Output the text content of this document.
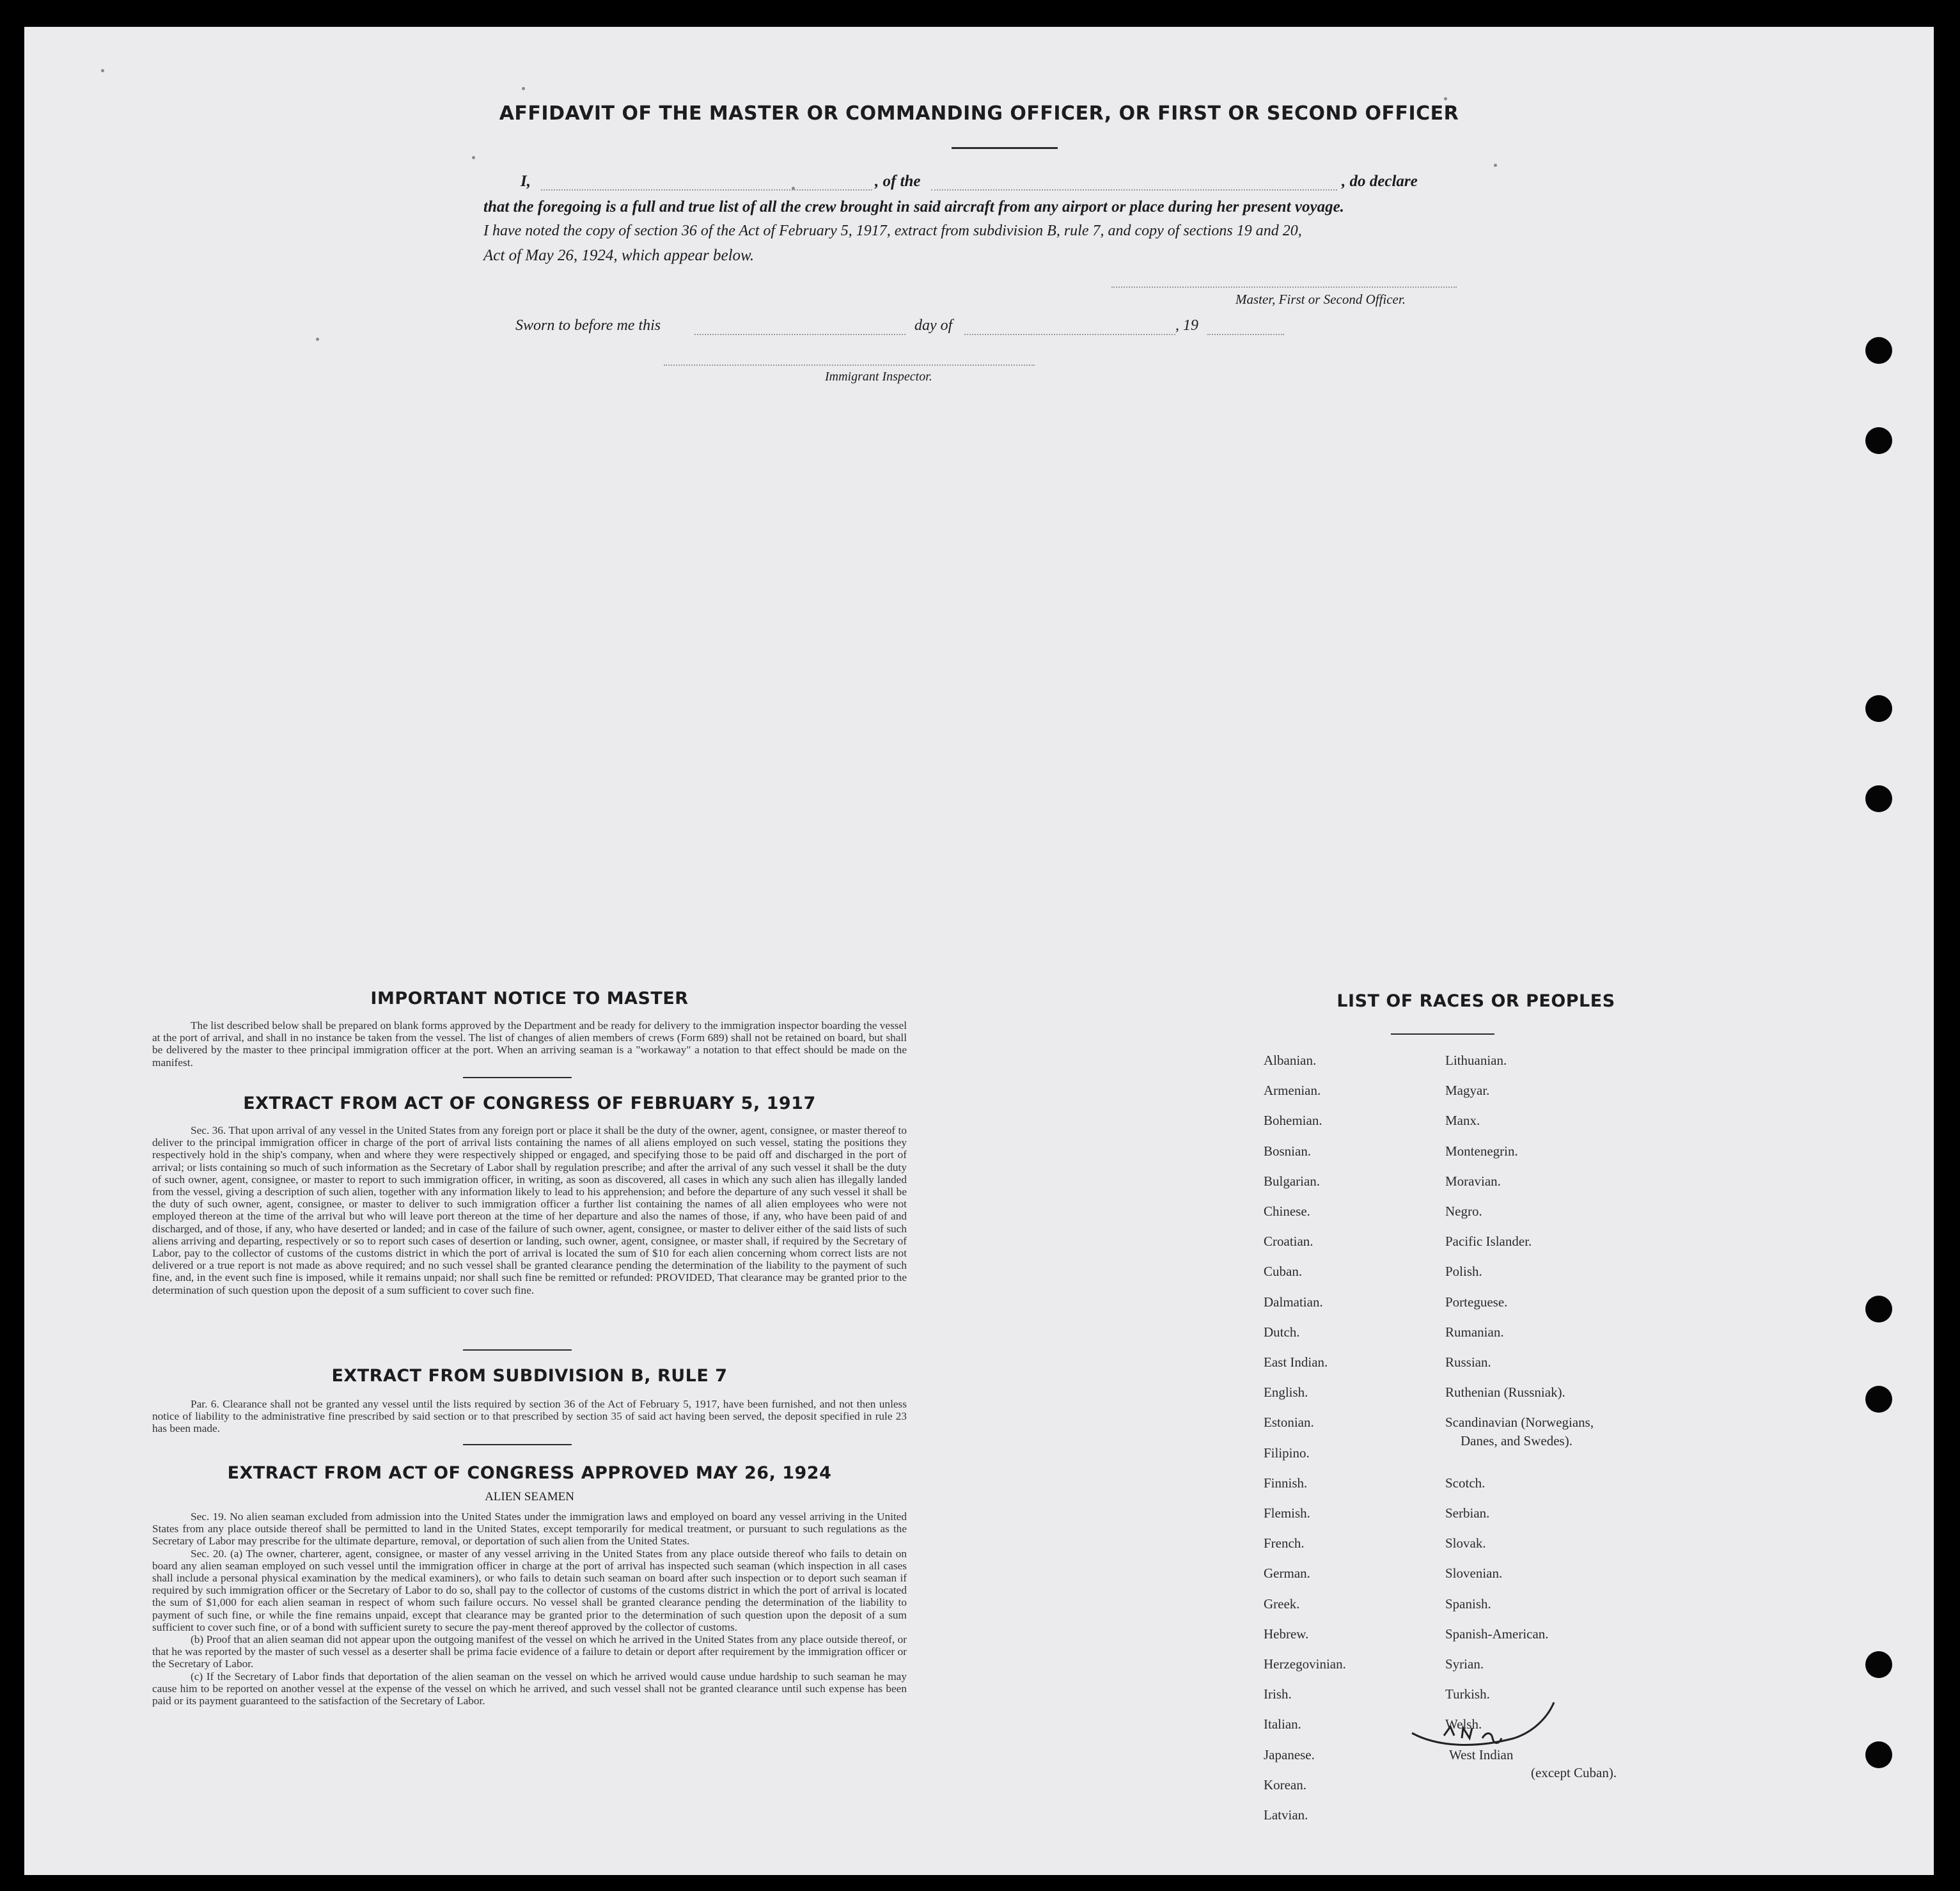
AFFIDAVIT OF THE MASTER OR COMMANDING OFFICER, OR FIRST OR SECOND OFFICER
I,	, of the	, do declare
that the foregoing is a full and true list of all the crew brought in said aircraft from any airport or place during her present voyage.
I have noted the copy of section 36 of the Act of February 5, 1917, extract from subdivision B, rule 7, and copy of sections 19 and 20,
Act of May 26, 1924, which appear below.
Master, First or Second Officer.
Sworn to before me this	day of	, 19
Immigrant Inspector.
IMPORTANT NOTICE TO MASTER

The list described below shall be prepared on blank forms approved by the Department and be ready for delivery to the immigration inspector boarding the vessel at the port of arrival, and shall in no instance be taken from the vessel. The list of changes of alien members of crews (Form 689) shall not be retained on board, but shall be delivered by the master to thee principal immigration officer at the port. When an arriving seaman is a "workaway" a notation to that effect should be made on the manifest.

EXTRACT FROM ACT OF CONGRESS OF FEBRUARY 5, 1917

Sec. 36. That upon arrival of any vessel in the United States from any foreign port or place it shall be the duty of the owner, agent, consignee, or master thereof to deliver to the principal immigration officer in charge of the port of arrival lists containing the names of all aliens employed on such vessel, stating the positions they respectively hold in the ship's company, when and where they were respectively shipped or engaged, and specifying those to be paid off and discharged in the port of arrival; or lists containing so much of such information as the Secretary of Labor shall by regulation prescribe; and after the arrival of any such vessel it shall be the duty of such owner, agent, consignee, or master to report to such immigration officer, in writing, as soon as discovered, all cases in which any such alien has illegally landed from the vessel, giving a description of such alien, together with any information likely to lead to his apprehension; and before the departure of any such vessel it shall be the duty of such owner, agent, consignee, or master to deliver to such immigration officer a further list containing the names of all alien employees who were not employed thereon at the time of the arrival but who will leave port thereon at the time of her departure and also the names of those, if any, who have been paid of and discharged, and of those, if any, who have deserted or landed; and in case of the failure of such owner, agent, consignee, or master to deliver either of the said lists of such aliens arriving and departing, respectively or so to report such cases of desertion or landing, such owner, agent, consignee, or master shall, if required by the Secretary of Labor, pay to the collector of customs of the customs district in which the port of arrival is located the sum of $10 for each alien concerning whom correct lists are not delivered or a true report is not made as above required; and no such vessel shall be granted clearance pending the determination of the liability to the payment of such fine, and, in the event such fine is imposed, while it remains unpaid; nor shall such fine be remitted or refunded: PROVIDED, That clearance may be granted prior to the determination of such question upon the deposit of a sum sufficient to cover such fine.

EXTRACT FROM SUBDIVISION B, RULE 7

Par. 6. Clearance shall not be granted any vessel until the lists required by section 36 of the Act of February 5, 1917, have been furnished, and not then unless notice of liability to the administrative fine prescribed by said section or to that prescribed by section 35 of said act having been served, the deposit specified in rule 23 has been made.

EXTRACT FROM ACT OF CONGRESS APPROVED MAY 26, 1924
ALIEN SEAMEN

Sec. 19. No alien seaman excluded from admission into the United States under the immigration laws and employed on board any vessel arriving in the United States from any place outside thereof shall be permitted to land in the United States, except temporarily for medical treatment, or pursuant to such regulations as the Secretary of Labor may prescribe for the ultimate departure, removal, or deportation of such alien from the United States.

Sec. 20. (a) The owner, charterer, agent, consignee, or master of any vessel arriving in the United States from any place outside thereof who fails to detain on board any alien seaman employed on such vessel until the immigration officer in charge at the port of arrival has inspected such seaman (which inspection in all cases shall include a personal physical examination by the medical examiners), or who fails to detain such seaman on board after such inspection or to deport such seaman if required by such immigration officer or the Secretary of Labor to do so, shall pay to the collector of customs of the customs district in which the port of arrival is located the sum of $1,000 for each alien seaman in respect of whom such failure occurs. No vessel shall be granted clearance pending the determination of the liability to payment of such fine, or while the fine remains unpaid, except that clearance may be granted prior to the determination of such question upon the deposit of a sum sufficient to cover such fine, or of a bond with sufficient surety to secure the pay-ment thereof approved by the collector of customs.

(b) Proof that an alien seaman did not appear upon the outgoing manifest of the vessel on which he arrived in the United States from any place outside thereof, or that he was reported by the master of such vessel as a deserter shall be prima facie evidence of a failure to detain or deport after requirement by the immigration officer or the Secretary of Labor.

(c) If the Secretary of Labor finds that deportation of the alien seaman on the vessel on which he arrived would cause undue hardship to such seaman he may cause him to be reported on another vessel at the expense of the vessel on which he arrived, and such vessel shall not be granted clearance until such expense has been paid or its payment guaranteed to the satisfaction of the Secretary of Labor.

LIST OF RACES OR PEOPLES
Albanian.
Armenian.
Bohemian.
Bosnian.
Bulgarian.
Chinese.
Croatian.
Cuban.
Dalmatian.
Dutch.
East Indian.
English.
Estonian.
Filipino.
Finnish.
Flemish.
French.
German.
Greek.
Hebrew.
Herzegovinian.
Irish.
Italian.
Japanese.
Korean.
Latvian.
Lithuanian.
Magyar.
Manx.
Montenegrin.
Moravian.
Negro.
Pacific Islander.
Polish.
Porteguese.
Rumanian.
Russian.
Ruthenian (Russniak).
Scandinavian (Norwegians,
Danes, and Swedes).
Scotch.
Serbian.
Slovak.
Slovenian.
Spanish.
Spanish-American.
Syrian.
Turkish.
Welsh.
West Indian
(except Cuban).
